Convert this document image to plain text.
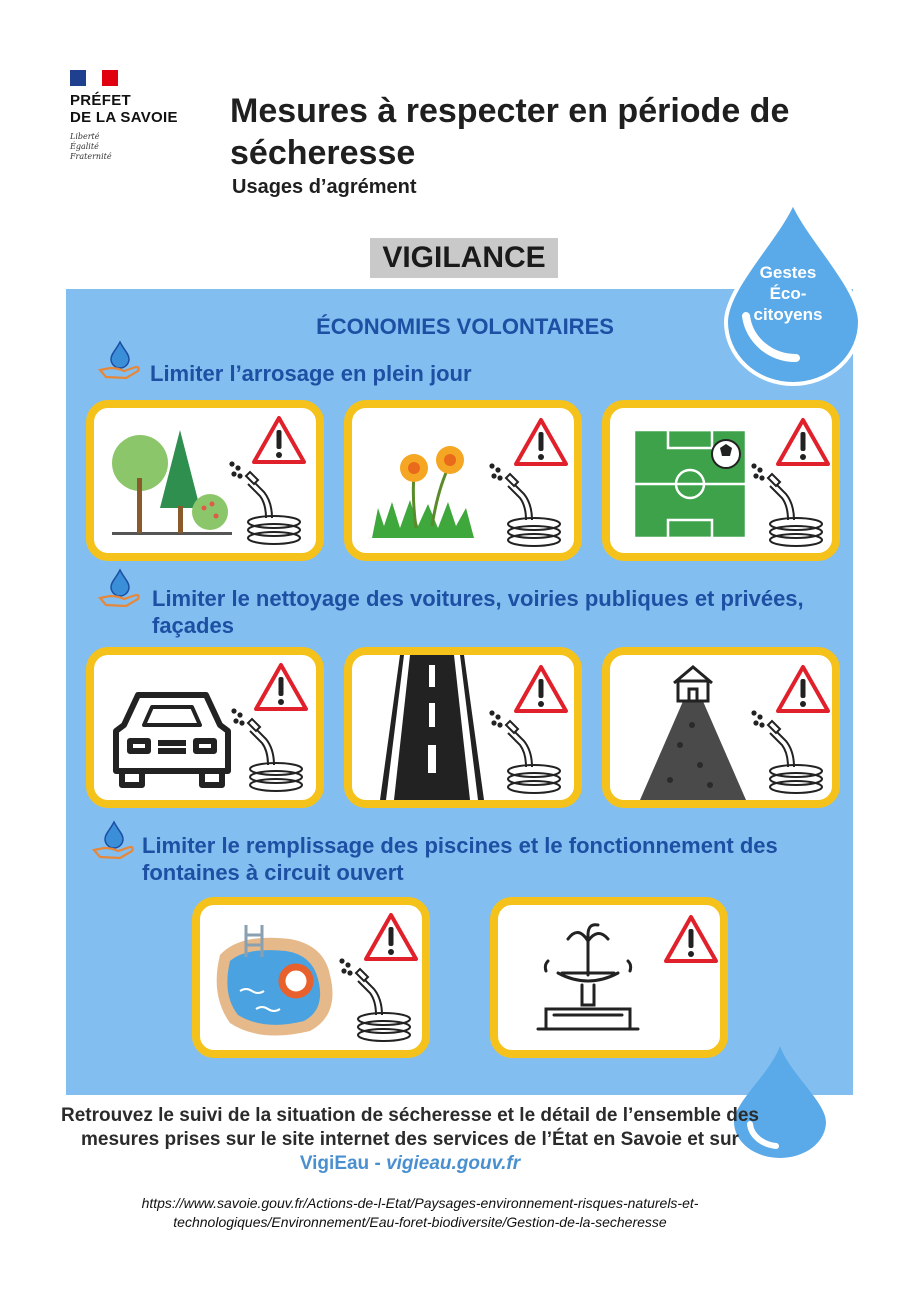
PRÉFET
DE LA SAVOIE
Liberté
Égalité
Fraternité
Mesures à respecter en période de sécheresse
Usages d’agrément
VIGILANCE	Gestes
Éco-
citoyens
ÉCONOMIES VOLONTAIRES
Limiter l’arrosage en plein jour
Limiter le nettoyage des voitures, voiries publiques et privées, façades
Limiter le remplissage des piscines et le fonctionnement des fontaines à circuit ouvert
Retrouvez le suivi de la situation de sécheresse et le détail de l’ensemble des mesures prises sur le site internet des services de l’État en Savoie et sur VigiEau - vigieau.gouv.fr
https://www.savoie.gouv.fr/Actions-de-l-Etat/Paysages-environnement-risques-naturels-et-technologiques/Environnement/Eau-foret-biodiversite/Gestion-de-la-secheresse
